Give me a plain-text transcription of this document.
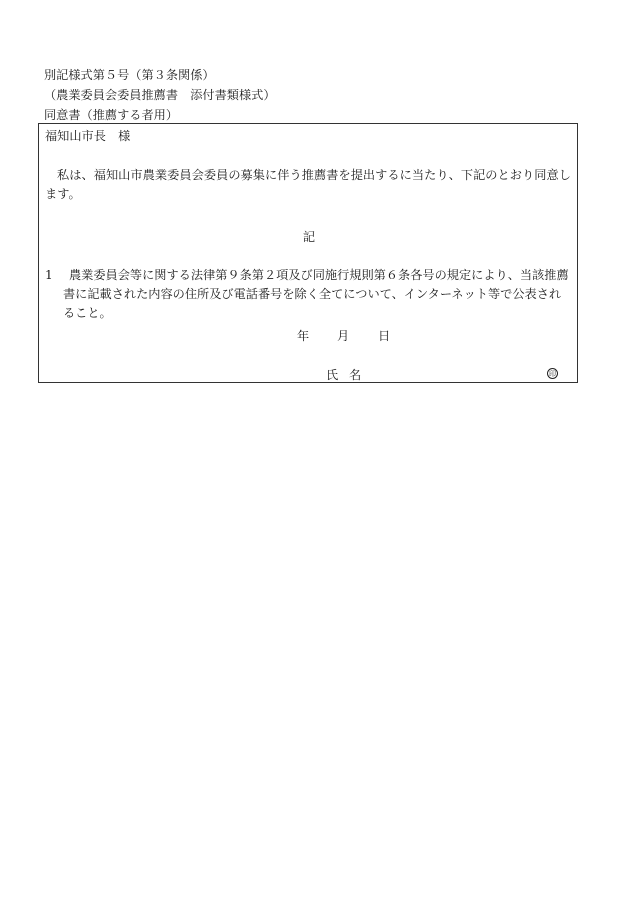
別記様式第５号（第３条関係）
（農業委員会委員推薦書　添付書類様式）
同意書（推薦する者用）
福知山市長　様
私は、福知山市農業委員会委員の募集に伴う推薦書を提出するに当たり、下記のとおり同意します。
記
1	農業委員会等に関する法律第９条第２項及び同施行規則第６条各号の規定により、当該推薦書に記載された内容の住所及び電話番号を除く全てについて、インターネット等で公表されること。
年 月 日
氏 名	印
